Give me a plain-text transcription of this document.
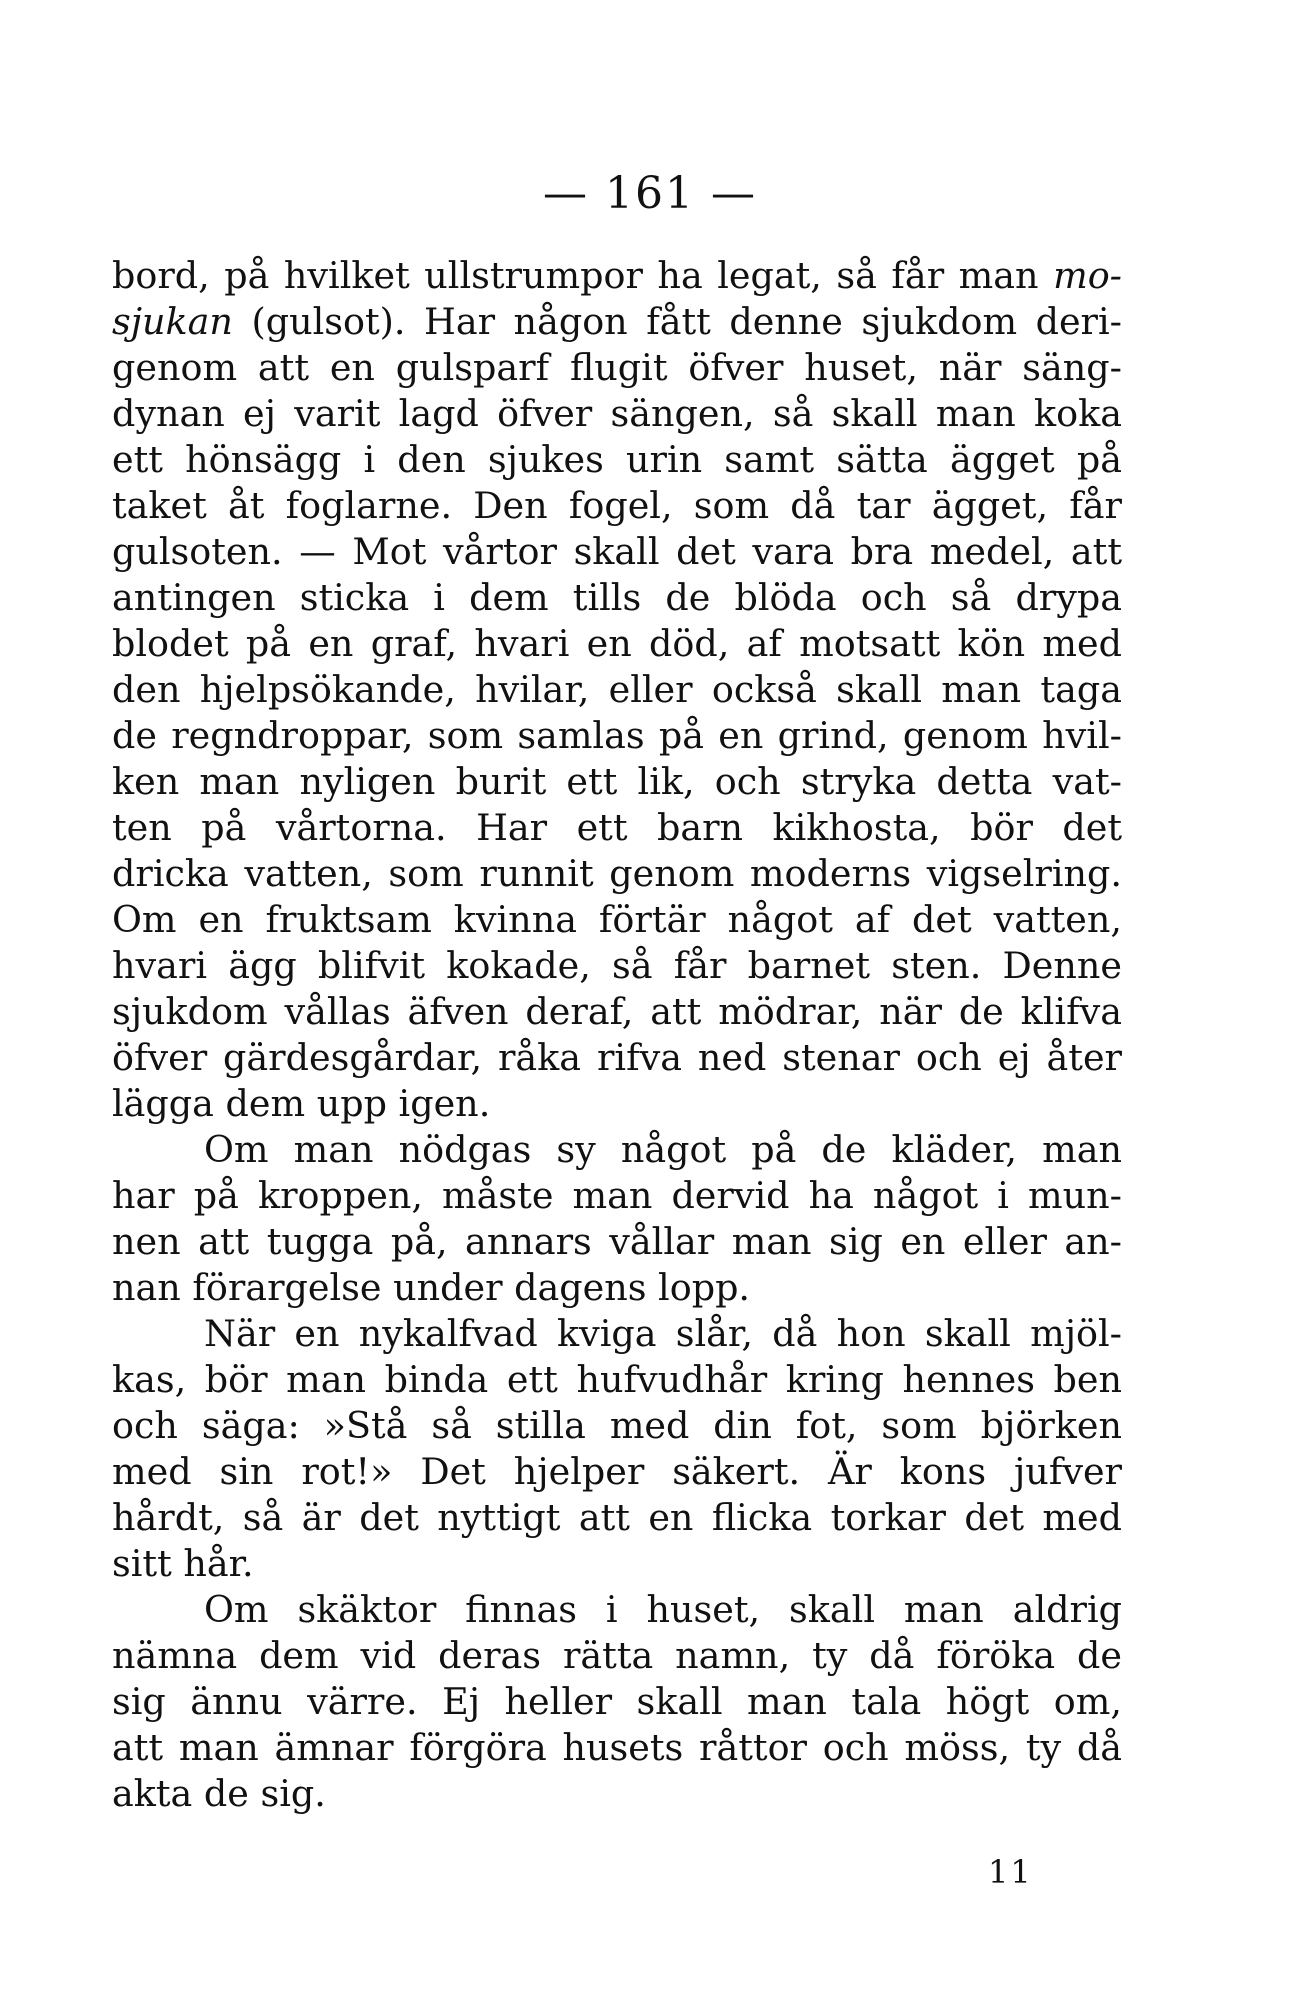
— 161 —
bord, på hvilket ullstrumpor ha legat, så får man mo-
sjukan (gulsot). Har någon fått denne sjukdom deri-
genom att en gulsparf flugit öfver huset, när säng-
dynan ej varit lagd öfver sängen, så skall man koka
ett hönsägg i den sjukes urin samt sätta ägget på
taket åt foglarne. Den fogel, som då tar ägget, får
gulsoten. — Mot vårtor skall det vara bra medel, att
antingen sticka i dem tills de blöda och så drypa
blodet på en graf, hvari en död, af motsatt kön med
den hjelpsökande, hvilar, eller också skall man taga
de regndroppar, som samlas på en grind, genom hvil-
ken man nyligen burit ett lik, och stryka detta vat-
ten på vårtorna. Har ett barn kikhosta, bör det
dricka vatten, som runnit genom moderns vigselring.
Om en fruktsam kvinna förtär något af det vatten,
hvari ägg blifvit kokade, så får barnet sten. Denne
sjukdom vållas äfven deraf, att mödrar, när de klifva
öfver gärdesgårdar, råka rifva ned stenar och ej åter
lägga dem upp igen.
Om man nödgas sy något på de kläder, man
har på kroppen, måste man dervid ha något i mun-
nen att tugga på, annars vållar man sig en eller an-
nan förargelse under dagens lopp.
När en nykalfvad kviga slår, då hon skall mjöl-
kas, bör man binda ett hufvudhår kring hennes ben
och säga: »Stå så stilla med din fot, som björken
med sin rot!» Det hjelper säkert. Är kons jufver
hårdt, så är det nyttigt att en flicka torkar det med
sitt hår.
Om skäktor finnas i huset, skall man aldrig
nämna dem vid deras rätta namn, ty då föröka de
sig ännu värre. Ej heller skall man tala högt om,
att man ämnar förgöra husets råttor och möss, ty då
akta de sig.
11
